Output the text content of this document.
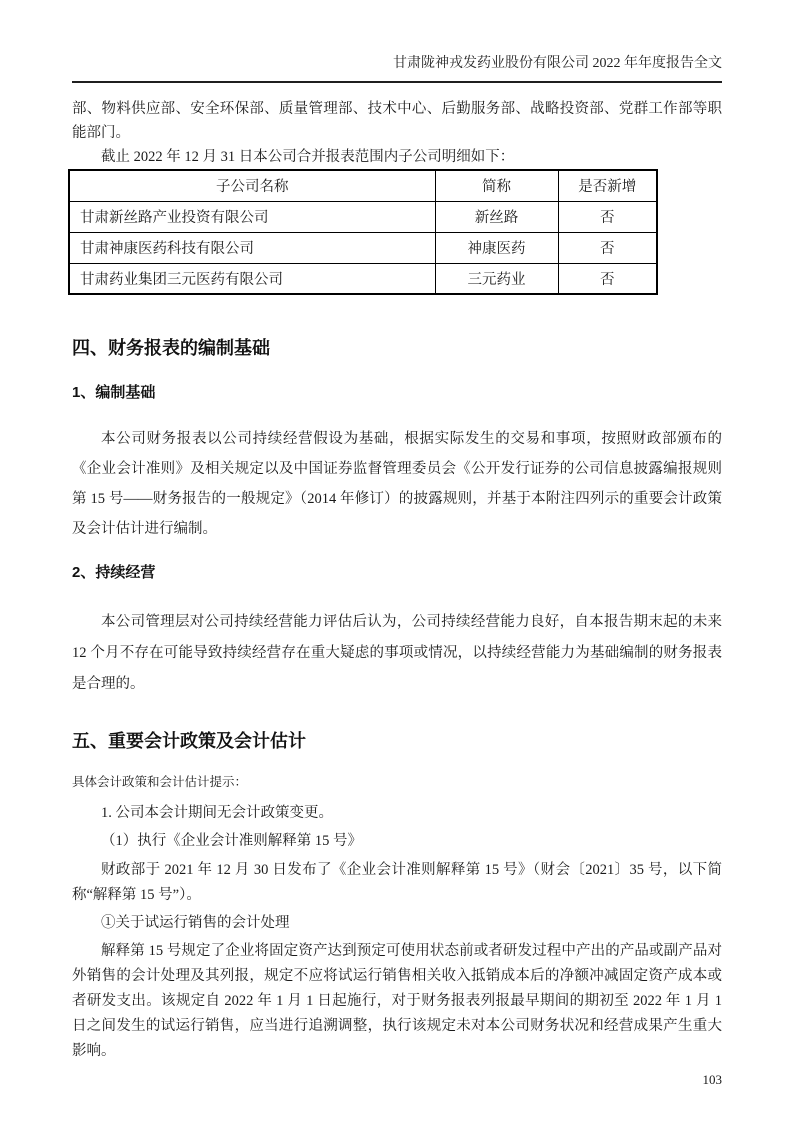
甘肃陇神戎发药业股份有限公司 2022 年年度报告全文

部、物料供应部、安全环保部、质量管理部、技术中心、后勤服务部、战略投资部、党群工作部等职能部门。

截止 2022 年 12 月 31 日本公司合并报表范围内子公司明细如下：

子公司名称	简称	是否新增
甘肃新丝路产业投资有限公司	新丝路	否
甘肃神康医药科技有限公司	神康医药	否
甘肃药业集团三元医药有限公司	三元药业	否
四、财务报表的编制基础
1、编制基础

本公司财务报表以公司持续经营假设为基础，根据实际发生的交易和事项，按照财政部颁布的《企业会计准则》及相关规定以及中国证券监督管理委员会《公开发行证券的公司信息披露编报规则第 15 号——财务报告的一般规定》（2014 年修订）的披露规则，并基于本附注四列示的重要会计政策及会计估计进行编制。

2、持续经营

本公司管理层对公司持续经营能力评估后认为，公司持续经营能力良好，自本报告期末起的未来 12 个月不存在可能导致持续经营存在重大疑虑的事项或情况，以持续经营能力为基础编制的财务报表是合理的。

五、重要会计政策及会计估计

具体会计政策和会计估计提示：

1. 公司本会计期间无会计政策变更。

（1）执行《企业会计准则解释第 15 号》

财政部于 2021 年 12 月 30 日发布了《企业会计准则解释第 15 号》（财会〔2021〕35 号，以下简称“解释第 15 号”）。

①关于试运行销售的会计处理

解释第 15 号规定了企业将固定资产达到预定可使用状态前或者研发过程中产出的产品或副产品对外销售的会计处理及其列报，规定不应将试运行销售相关收入抵销成本后的净额冲减固定资产成本或者研发支出。该规定自 2022 年 1 月 1 日起施行，对于财务报表列报最早期间的期初至 2022 年 1 月 1 日之间发生的试运行销售，应当进行追溯调整，执行该规定未对本公司财务状况和经营成果产生重大影响。

103
